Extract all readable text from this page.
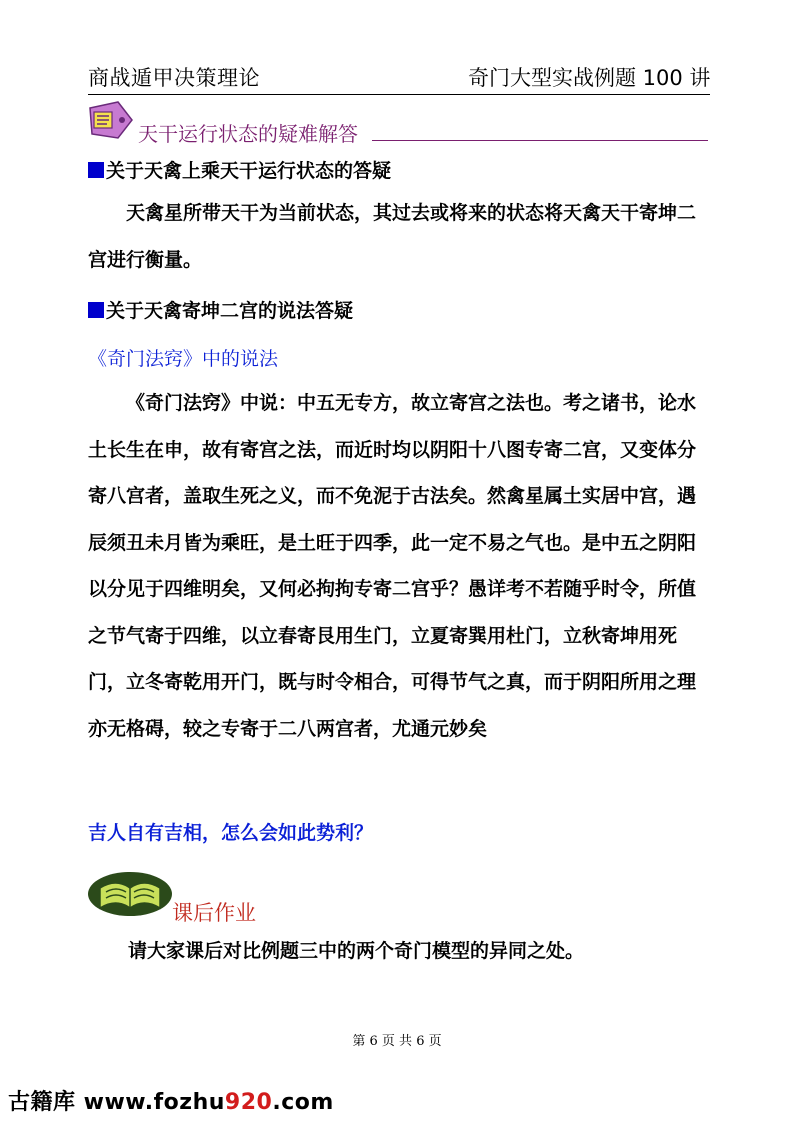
商战遁甲决策理论	奇门大型实战例题 100 讲
天干运行状态的疑难解答
关于天禽上乘天干运行状态的答疑
天禽星所带天干为当前状态，其过去或将来的状态将天禽天干寄坤二宫进行衡量。
关于天禽寄坤二宫的说法答疑
《奇门法窍》中的说法
《奇门法窍》中说：中五无专方，故立寄宫之法也。考之诸书，论水土长生在申，故有寄宫之法，而近时均以阴阳十八图专寄二宫，又变体分寄八宫者，盖取生死之义，而不免泥于古法矣。然禽星属土实居中宫，遇辰须丑未月皆为乘旺，是土旺于四季，此一定不易之气也。是中五之阴阳以分见于四维明矣，又何必拘拘专寄二宫乎？愚详考不若随乎时令，所值之节气寄于四维，以立春寄艮用生门，立夏寄巽用杜门，立秋寄坤用死门，立冬寄乾用开门，既与时令相合，可得节气之真，而于阴阳所用之理亦无格碍，较之专寄于二八两宫者，尤通元妙矣
吉人自有吉相，怎么会如此势利？
课后作业
请大家课后对比例题三中的两个奇门模型的异同之处。
第 6 页 共 6 页
古籍库 www.fozhu920.com
